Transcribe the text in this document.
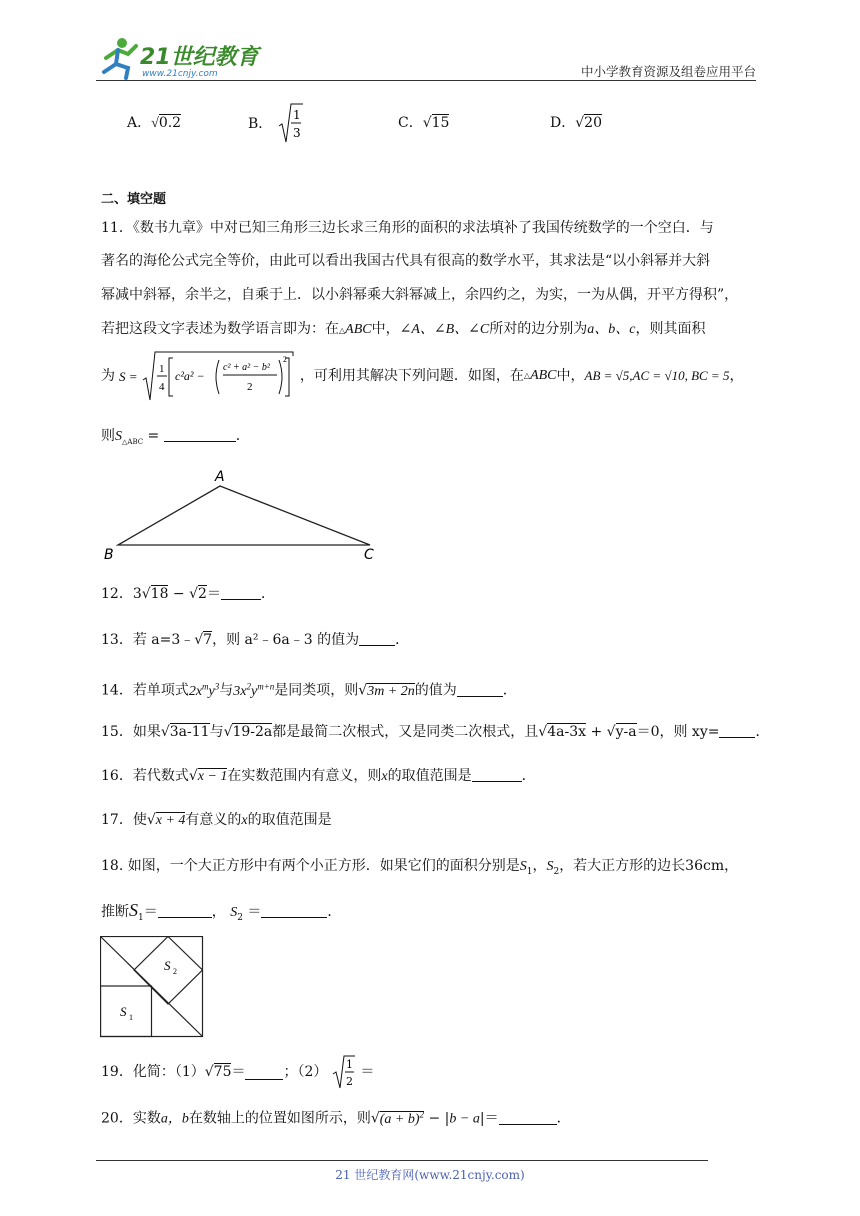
21世纪教育
www.21cnjy.com	中小学教育资源及组卷应用平台
A．√0.2	B．
1
3
C．√15	D．√20
二、填空题
11．《数书九章》中对已知三角形三边长求三角形的面积的求法填补了我国传统数学的一个空白．与
著名的海伦公式完全等价，由此可以看出我国古代具有很高的数学水平，其求法是“以小斜幂并大斜
幂减中斜幂，余半之，自乘于上．以小斜幂乘大斜幂减上，余四约之，为实，一为从偶，开平方得积”，
若把这段文字表述为数学语言即为：在△ABC中，∠A、∠B、∠C所对的边分别为a、b、c，则其面积
为 S = 1
4
c²a² −
c² + a² − b²
2
2
，可利用其解决下列问题．如图，在△ABC中，AB = √5,AC = √10, BC = 5，
则$S_{\triangle ABC}$ =	．
A
B	C
12．3√18 − √2＝	．
13．若 a=3﹣√7，则 a²﹣6a﹣3 的值为	．
14．若单项式$2x^my^3$与$3x^2y^{m+n}$是同类项，则√3m + 2n的值为	．
15．如果√3a-11与√19-2a都是最简二次根式，又是同类二次根式，且√4a-3x + √y-a＝0，则 xy=	．
16．若代数式√x − 1在实数范围内有意义，则x的取值范围是	．
17．使√x + 4有意义的x的取值范围是
18. 如图，一个大正方形中有两个小正方形．如果它们的面积分别是$S_1$，$S_2$，若大正方形的边长36cm，
推断$S_1=$	， $S_2$ ＝	．
S 1
S 2
19．化简：（1）√75＝	；（2） 1
2
＝
20．实数a，b在数轴上的位置如图所示，则$√(a + b)^2 - |b - a|=$	．
21 世纪教育网(www.21cnjy.com)
